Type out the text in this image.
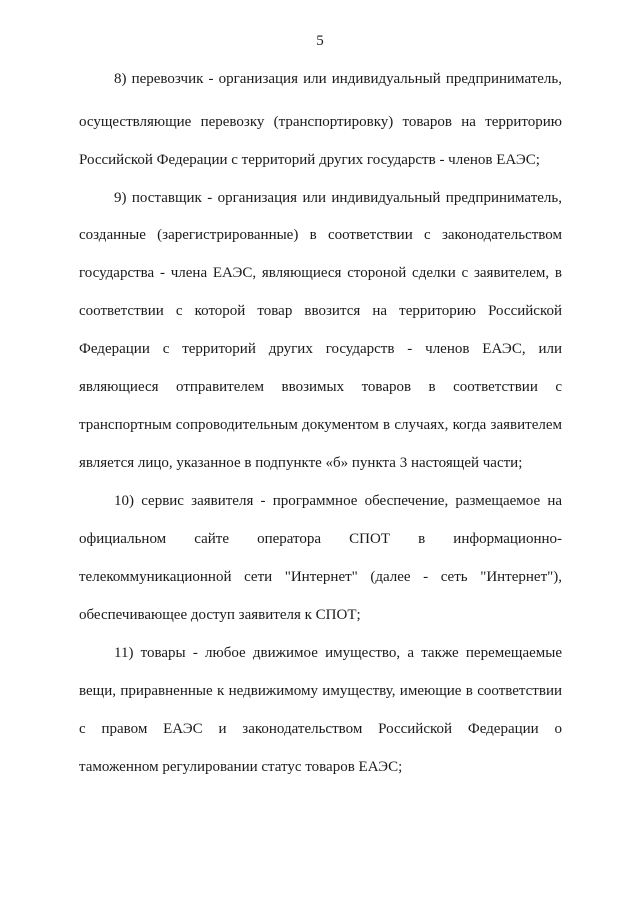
5
8) перевозчик - организация или индивидуальный предприниматель,
осуществляющие перевозку (транспортировку) товаров на территорию
Российской Федерации с территорий других государств - членов ЕАЭС;
9) поставщик - организация или индивидуальный предприниматель,
созданные (зарегистрированные) в соответствии с законодательством
государства - члена ЕАЭС, являющиеся стороной сделки с заявителем, в
соответствии с которой товар ввозится на территорию Российской
Федерации с территорий других государств - членов ЕАЭС, или
являющиеся отправителем ввозимых товаров в соответствии с
транспортным сопроводительным документом в случаях, когда заявителем
является лицо, указанное в подпункте «б» пункта 3 настоящей части;
10) сервис заявителя - программное обеспечение, размещаемое на
официальном сайте оператора СПОТ в информационно-
телекоммуникационной сети "Интернет" (далее - сеть "Интернет"),
обеспечивающее доступ заявителя к СПОТ;
11) товары - любое движимое имущество, а также перемещаемые
вещи, приравненные к недвижимому имуществу, имеющие в соответствии
с правом ЕАЭС и законодательством Российской Федерации о
таможенном регулировании статус товаров ЕАЭС;
